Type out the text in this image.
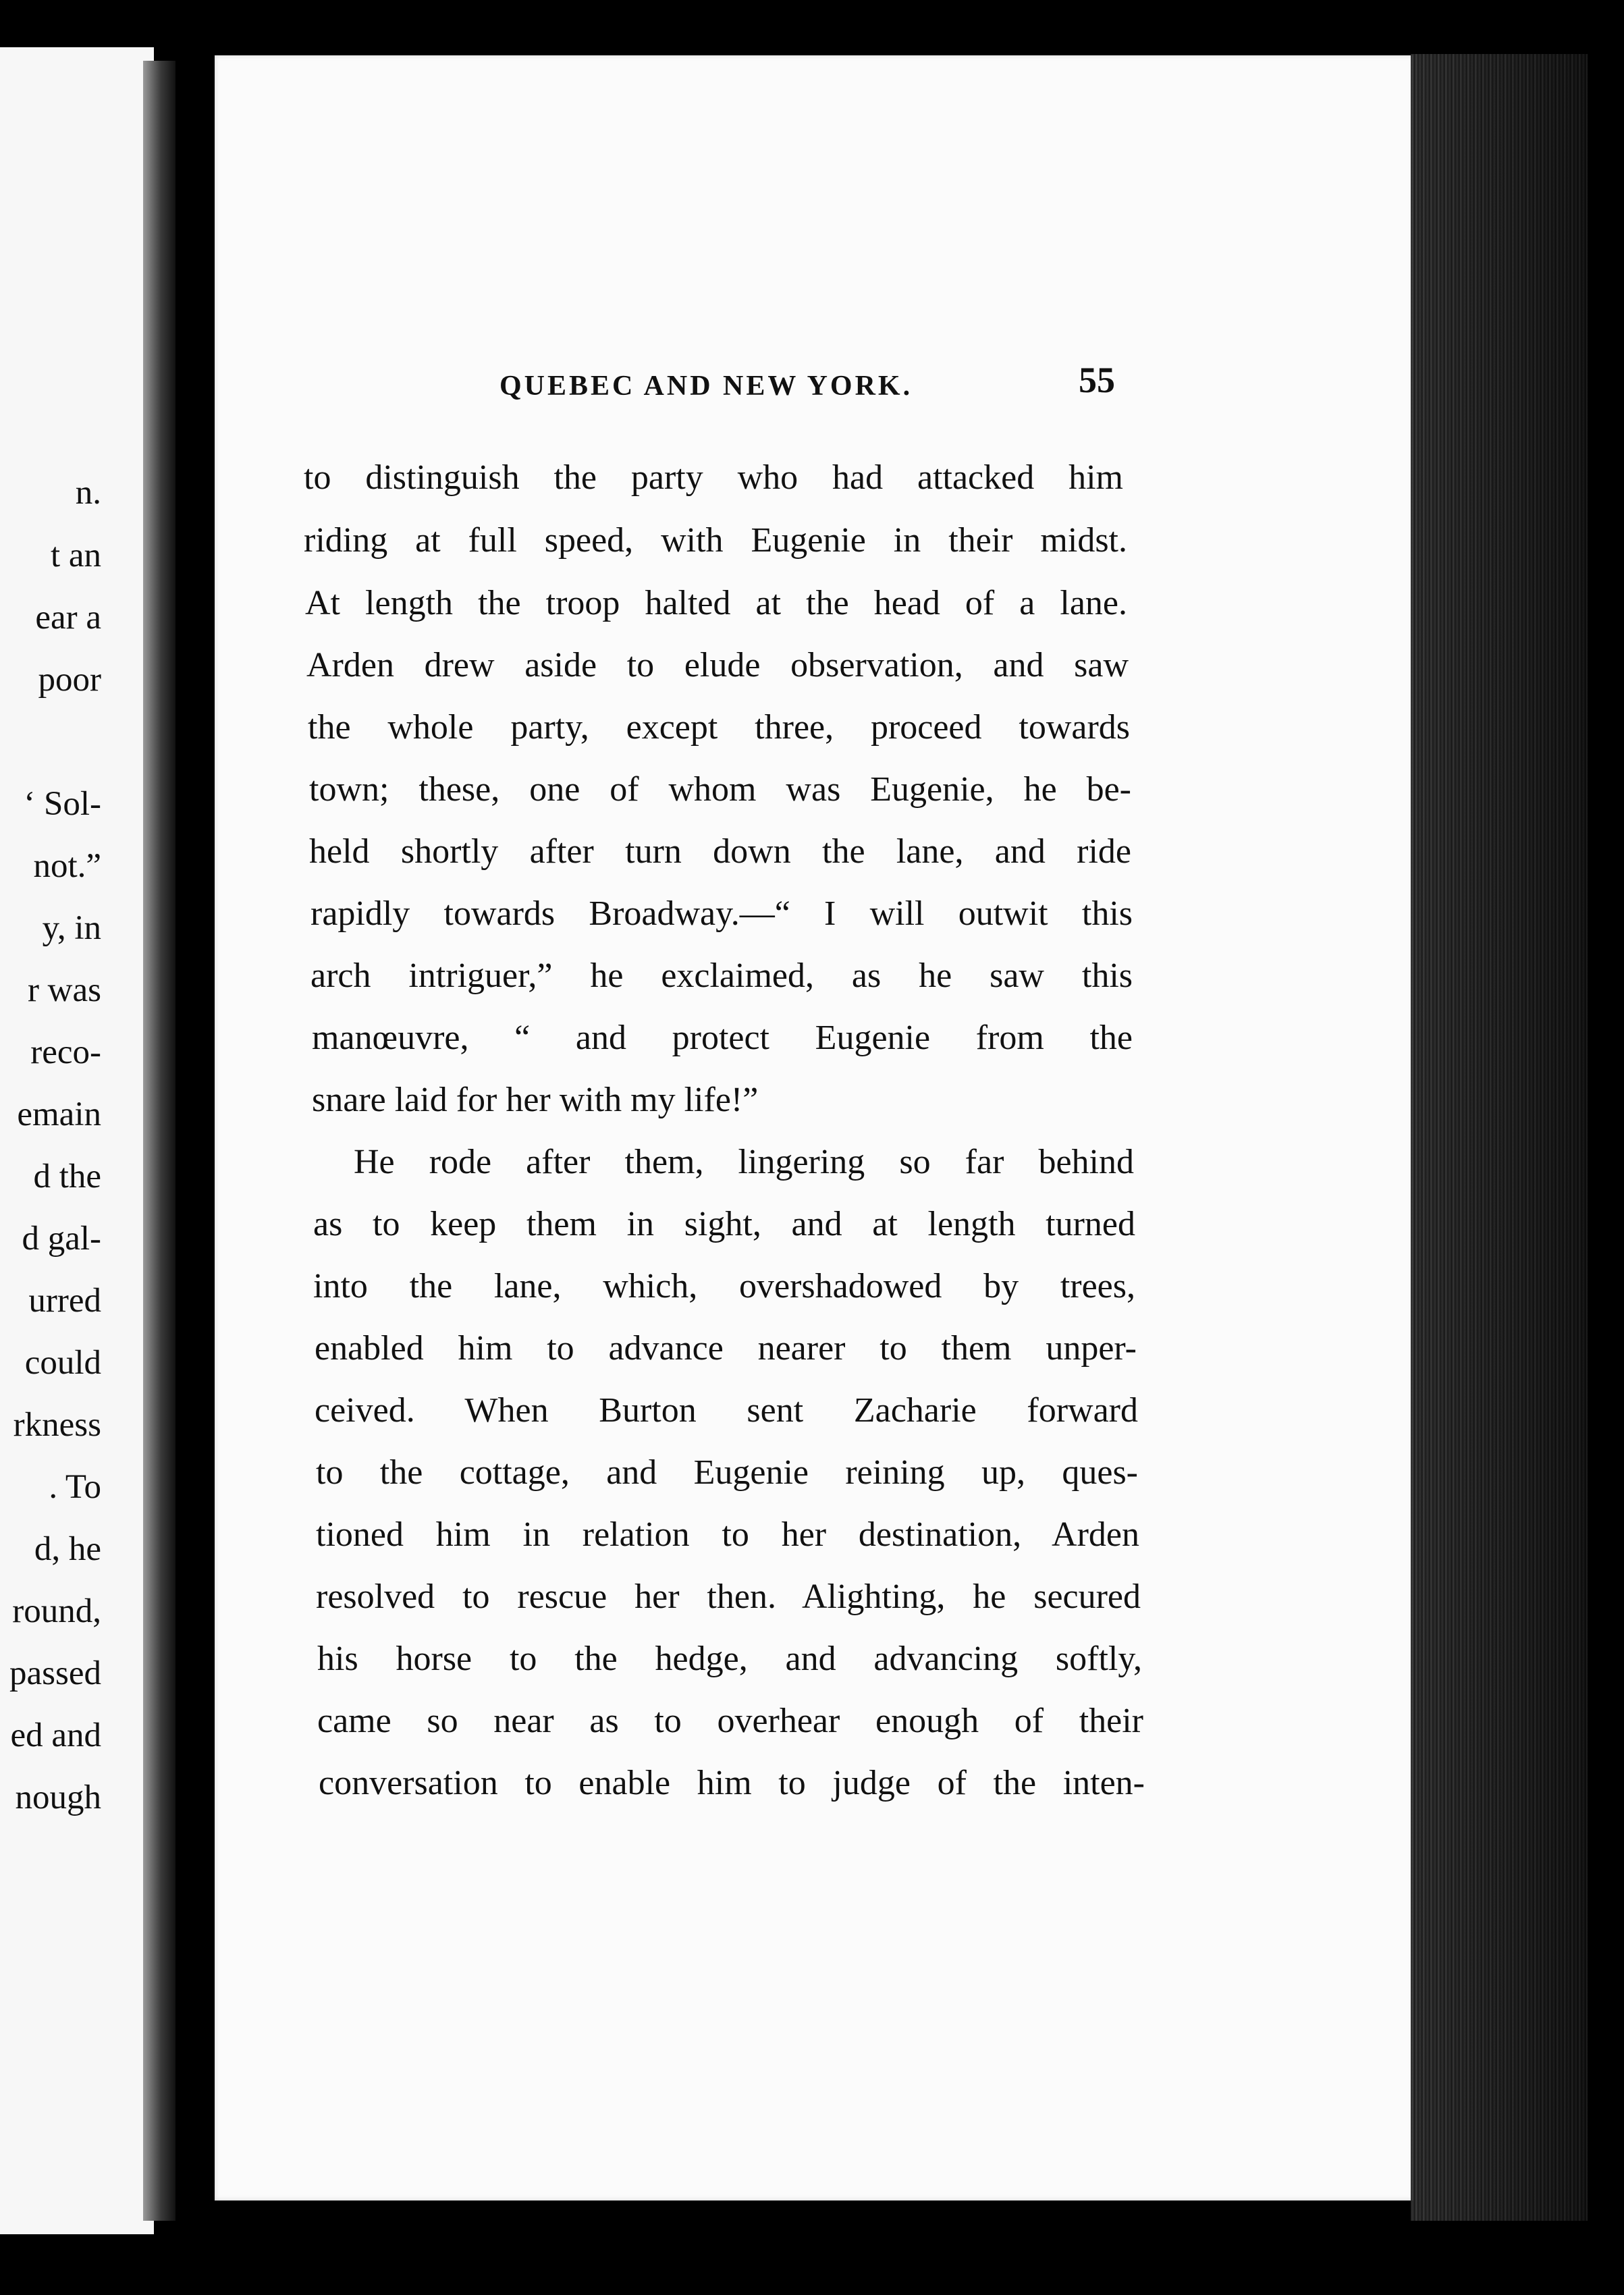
n.

t an

ear a

poor

‘ Sol-

not.”

y, in

r was

reco-

emain

d the

d gal-

urred

could

rkness

. To

d, he

round,

passed

ed and

nough

QUEBEC AND NEW YORK.	55

to distinguish the party who had attacked him

riding at full speed, with Eugenie in their midst.

At length the troop halted at the head of a lane.

Arden drew aside to elude observation, and saw

the whole party, except three, proceed towards

town; these, one of whom was Eugenie, he be-

held shortly after turn down the lane, and ride

rapidly towards Broadway.—“ I will outwit this

arch intriguer,” he exclaimed, as he saw this

manœuvre, “ and protect Eugenie from the

snare laid for her with my life!”

He rode after them, lingering so far behind

as to keep them in sight, and at length turned

into the lane, which, overshadowed by trees,

enabled him to advance nearer to them unper-

ceived. When Burton sent Zacharie forward

to the cottage, and Eugenie reining up, ques-

tioned him in relation to her destination, Arden

resolved to rescue her then. Alighting, he secured

his horse to the hedge, and advancing softly,

came so near as to overhear enough of their

conversation to enable him to judge of the inten-
